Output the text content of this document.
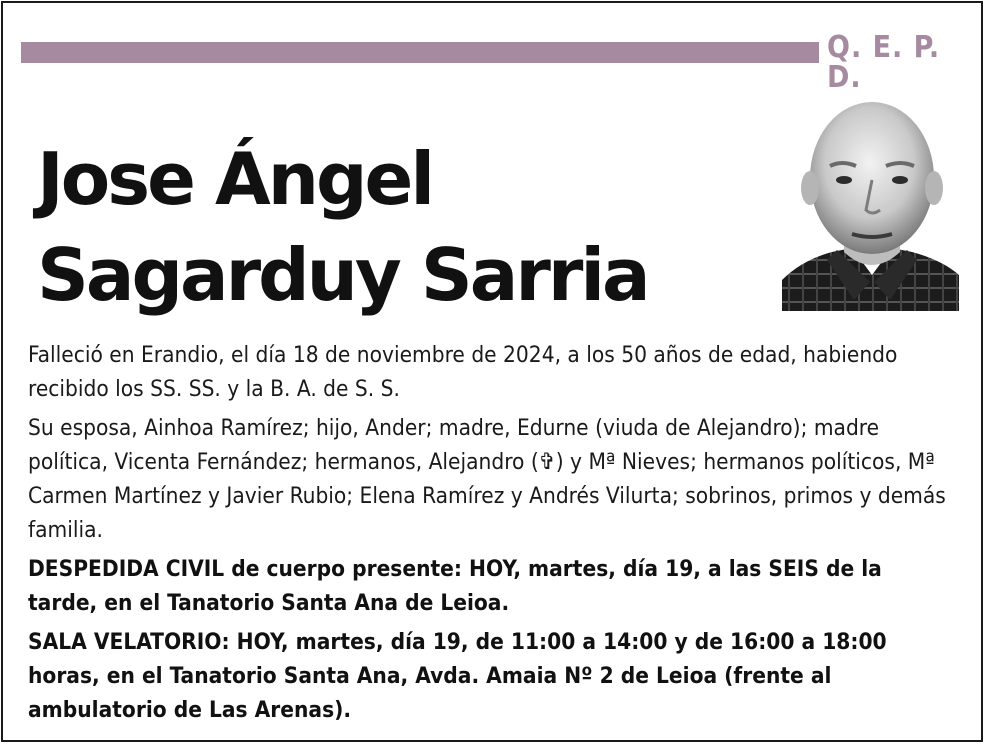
Q. E. P. D.
Jose Ángel
Sagarduy Sarria

Falleció en Erandio, el día 18 de noviembre de 2024, a los 50 años de edad, habiendo recibido los SS. SS. y la B. A. de S. S.

Su esposa, Ainhoa Ramírez; hijo, Ander; madre, Edurne (viuda de Alejandro); madre política, Vicenta Fernández; hermanos, Alejandro (✞) y Mª Nieves; hermanos políticos, Mª Carmen Martínez y Javier Rubio; Elena Ramírez y Andrés Vilurta; sobrinos, primos y demás familia.

DESPEDIDA CIVIL de cuerpo presente: HOY, martes, día 19, a las SEIS de la tarde, en el Tanatorio Santa Ana de Leioa.

SALA VELATORIO: HOY, martes, día 19, de 11:00 a 14:00 y de 16:00 a 18:00 horas, en el Tanatorio Santa Ana, Avda. Amaia Nº 2 de Leioa (frente al ambulatorio de Las Arenas).
